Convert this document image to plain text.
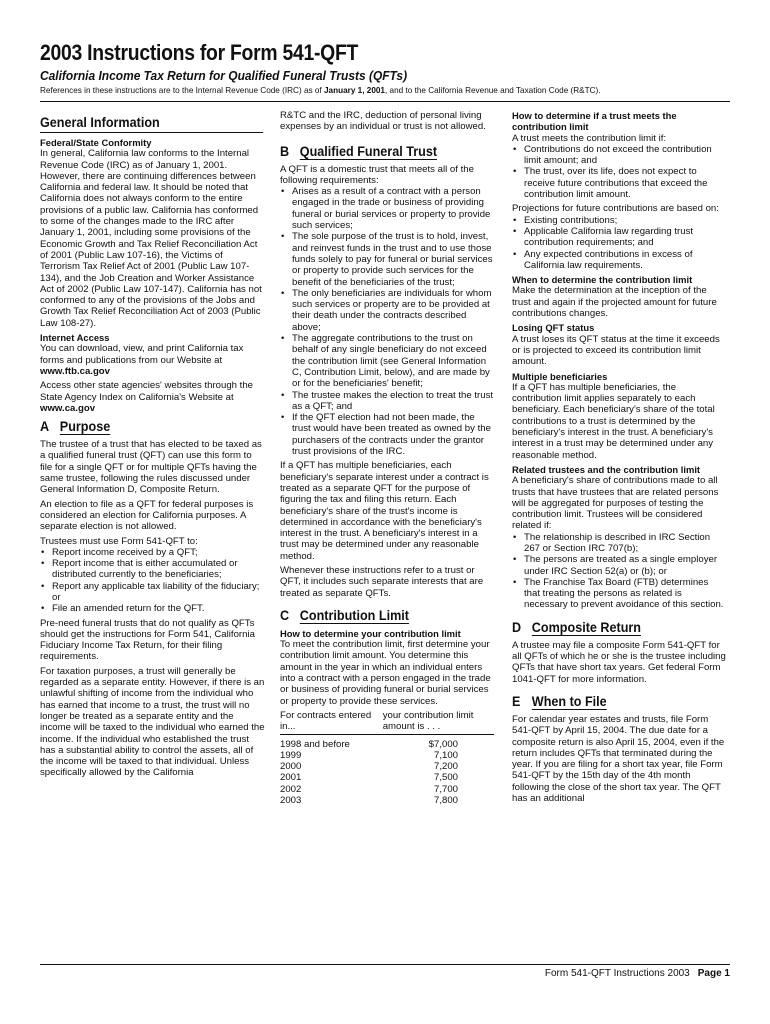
2003 Instructions for Form 541-QFT

California Income Tax Return for Qualified Funeral Trusts (QFTs)

References in these instructions are to the Internal Revenue Code (IRC) as of January 1, 2001, and to the California Revenue and Taxation Code (R&TC).

General Information

Federal/State Conformity

In general, California law conforms to the Internal Revenue Code (IRC) as of January 1, 2001. However, there are continuing differences between California and federal law. It should be noted that California does not always conform to the entire provisions of a public law. California has conformed to some of the changes made to the IRC after January 1, 2001, including some provisions of the Economic Growth and Tax Relief Reconciliation Act of 2001 (Public Law 107-16), the Victims of Terrorism Tax Relief Act of 2001 (Public Law 107-134), and the Job Creation and Worker Assistance Act of 2002 (Public Law 107-147). California has not conformed to any of the provisions of the Jobs and Growth Tax Relief Reconciliation Act of 2003 (Public Law 108-27).

Internet Access

You can download, view, and print California tax forms and publications from our Website at www.ftb.ca.gov

Access other state agencies' websites through the State Agency Index on California's Website at www.ca.gov

A Purpose

The trustee of a trust that has elected to be taxed as a qualified funeral trust (QFT) can use this form to file for a single QFT or for multiple QFTs having the same trustee, following the rules discussed under General Information D, Composite Return.

An election to file as a QFT for federal purposes is considered an election for California purposes. A separate election is not allowed.

Trustees must use Form 541-QFT to:

• Report income received by a QFT;
• Report income that is either accumulated or distributed currently to the beneficiaries;
• Report any applicable tax liability of the fiduciary; or
• File an amended return for the QFT.

Pre-need funeral trusts that do not qualify as QFTs should get the instructions for Form 541, California Fiduciary Income Tax Return, for their filing requirements.

For taxation purposes, a trust will generally be regarded as a separate entity. However, if there is an unlawful shifting of income from the individual who has earned that income to a trust, the trust will no longer be treated as a separate entity and the income will be taxed to the individual who earned the income. If the individual who established the trust has a substantial ability to control the assets, all of the income will be taxed to that individual. Unless specifically allowed by the California

R&TC and the IRC, deduction of personal living expenses by an individual or trust is not allowed.

B Qualified Funeral Trust

A QFT is a domestic trust that meets all of the following requirements:

• Arises as a result of a contract with a person engaged in the trade or business of providing funeral or burial services or property to provide such services;
• The sole purpose of the trust is to hold, invest, and reinvest funds in the trust and to use those funds solely to pay for funeral or burial services or property to provide such services for the benefit of the beneficiaries of the trust;
• The only beneficiaries are individuals for whom such services or property are to be provided at their death under the contracts described above;
• The aggregate contributions to the trust on behalf of any single beneficiary do not exceed the contribution limit (see General Information C, Contribution Limit, below), and are made by or for the beneficiaries' benefit;
• The trustee makes the election to treat the trust as a QFT; and
• If the QFT election had not been made, the trust would have been treated as owned by the purchasers of the contracts under the grantor trust provisions of the IRC.

If a QFT has multiple beneficiaries, each beneficiary's separate interest under a contract is treated as a separate QFT for the purpose of figuring the tax and filing this return. Each beneficiary's share of the trust's income is determined in accordance with the beneficiary's interest in the trust. A beneficiary's interest in a trust may be determined under any reasonable method.

Whenever these instructions refer to a trust or QFT, it includes such separate interests that are treated as separate QFTs.

C Contribution Limit

How to determine your contribution limit

To meet the contribution limit, first determine your contribution limit amount. You determine this amount in the year in which an individual enters into a contract with a person engaged in the trade or business of providing funeral or burial services or property to provide these services.

For contracts entered in...	your contribution limit amount is . . .
1998 and before	$7,000
1999	7,100
2000	7,200
2001	7,500
2002	7,700
2003	7,800

How to determine if a trust meets the contribution limit

A trust meets the contribution limit if:

• Contributions do not exceed the contribution limit amount; and
• The trust, over its life, does not expect to receive future contributions that exceed the contribution limit amount.

Projections for future contributions are based on:

• Existing contributions;
• Applicable California law regarding trust contribution requirements; and
• Any expected contributions in excess of California law requirements.

When to determine the contribution limit

Make the determination at the inception of the trust and again if the projected amount for future contributions changes.

Losing QFT status

A trust loses its QFT status at the time it exceeds or is projected to exceed its contribution limit amount.

Multiple beneficiaries

If a QFT has multiple beneficiaries, the contribution limit applies separately to each beneficiary. Each beneficiary's share of the total contributions to a trust is determined by the beneficiary's interest in the trust. A beneficiary's interest in a trust may be determined under any reasonable method.

Related trustees and the contribution limit

A beneficiary's share of contributions made to all trusts that have trustees that are related persons will be aggregated for purposes of testing the contribution limit. Trustees will be considered related if:

• The relationship is described in IRC Section 267 or Section IRC 707(b);
• The persons are treated as a single employer under IRC Section 52(a) or (b); or
• The Franchise Tax Board (FTB) determines that treating the persons as related is necessary to prevent avoidance of this section.
D Composite Return

A trustee may file a composite Form 541-QFT for all QFTs of which he or she is the trustee including QFTs that have short tax years. Get federal Form 1041-QFT for more information.

E When to File

For calendar year estates and trusts, file Form 541-QFT by April 15, 2004. The due date for a composite return is also April 15, 2004, even if the return includes QFTs that terminated during the year. If you are filing for a short tax year, file Form 541-QFT by the 15th day of the 4th month following the close of the short tax year. The QFT has an additional

Form 541-QFT Instructions 2003 Page 1
